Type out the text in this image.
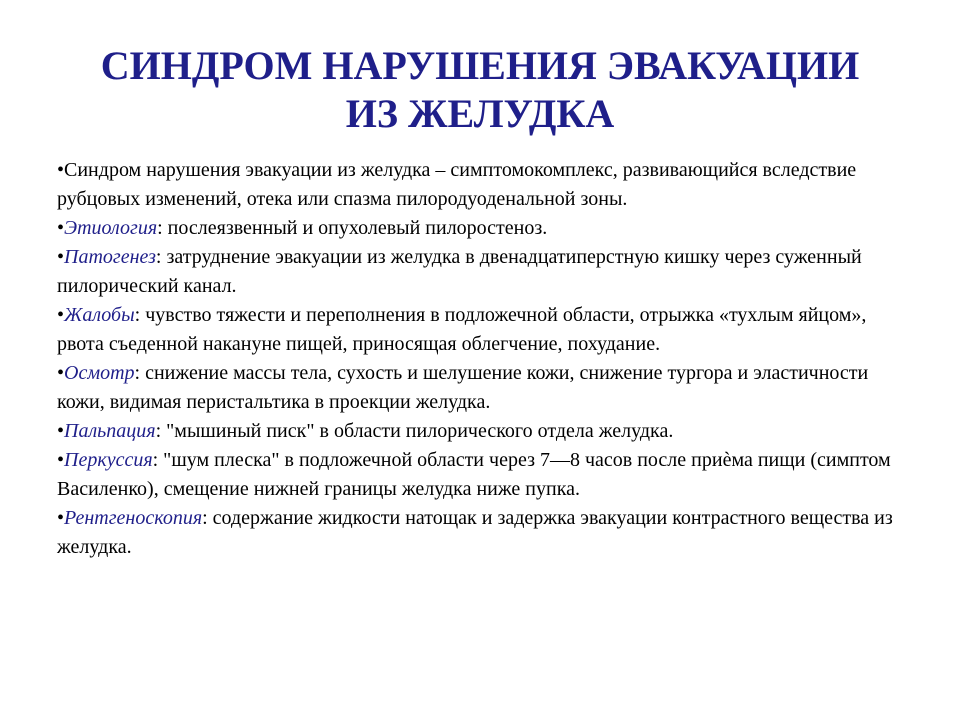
СИНДРОМ НАРУШЕНИЯ ЭВАКУАЦИИ
ИЗ ЖЕЛУДКА

•Синдром нарушения эвакуации из желудка – симптомокомплекс, развивающийся вследствие рубцовых изменений, отека или спазма пилородуоденальной зоны.

•Этиология: послеязвенный и опухолевый пилоростеноз.

•Патогенез: затруднение эвакуации из желудка в двенадцатиперстную кишку через суженный пилорический канал.

•Жалобы: чувство тяжести и переполнения в подложечной области, отрыжка «тухлым яйцом», рвота съеденной накануне пищей, приносящая облегчение, похудание.

•Осмотр: снижение массы тела, сухость и шелушение кожи, снижение тургора и эластичности кожи, видимая перистальтика в проекции желудка.

•Пальпация: "мышиный писк" в области пилорического отдела желудка.

•Перкуссия: "шум плеска" в подложечной области через 7—8 часов после приѐма пищи (симптом Василенко), смещение нижней границы желудка ниже пупка.

•Рентгеноскопия: содержание жидкости натощак и задержка эвакуации контрастного вещества из желудка.
